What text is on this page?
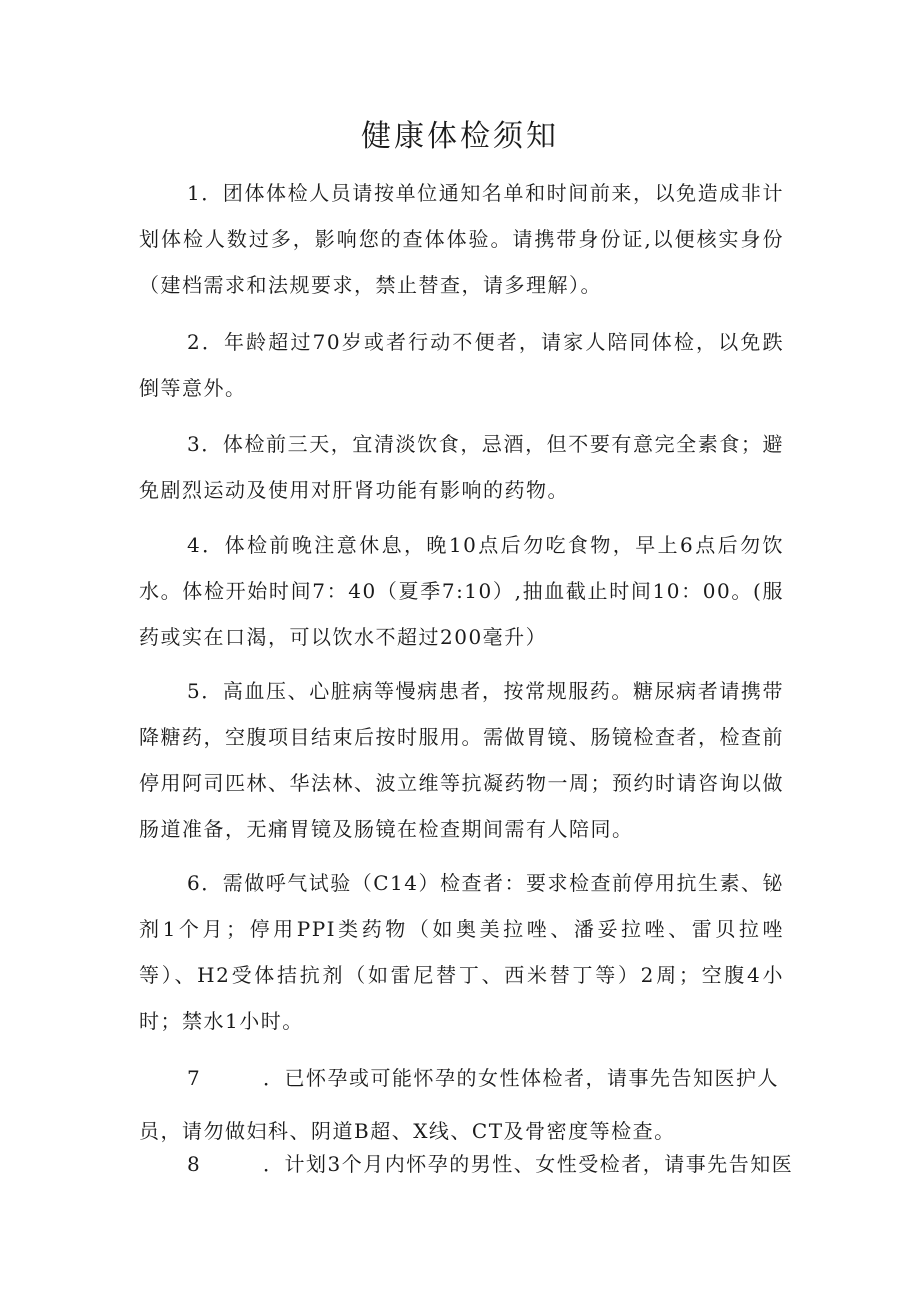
健康体检须知

1．团体体检人员请按单位通知名单和时间前来，以免造成非计划体检人数过多，影响您的查体体验。请携带身份证,以便核实身份（建档需求和法规要求，禁止替查，请多理解）。

2．年龄超过70岁或者行动不便者，请家人陪同体检，以免跌倒等意外。

3．体检前三天，宜清淡饮食，忌酒，但不要有意完全素食；避免剧烈运动及使用对肝肾功能有影响的药物。

4．体检前晚注意休息，晚10点后勿吃食物，早上6点后勿饮水。体检开始时间7：40（夏季7:10）,抽血截止时间10：00。(服药或实在口渴，可以饮水不超过200毫升）

5．高血压、心脏病等慢病患者，按常规服药。糖尿病者请携带降糖药，空腹项目结束后按时服用。需做胃镜、肠镜检查者，检查前停用阿司匹林、华法林、波立维等抗凝药物一周；预约时请咨询以做肠道准备，无痛胃镜及肠镜在检查期间需有人陪同。

6．需做呼气试验（C14）检查者：要求检查前停用抗生素、铋剂1个月；停用PPI类药物（如奥美拉唑、潘妥拉唑、雷贝拉唑等）、H2受体拮抗剂（如雷尼替丁、西米替丁等）2周；空腹4小时；禁水1小时。

7	．已怀孕或可能怀孕的女性体检者，请事先告知医护人

员，请勿做妇科、阴道B超、X线、CT及骨密度等检查。

8	．计划3个月内怀孕的男性、女性受检者，请事先告知医
